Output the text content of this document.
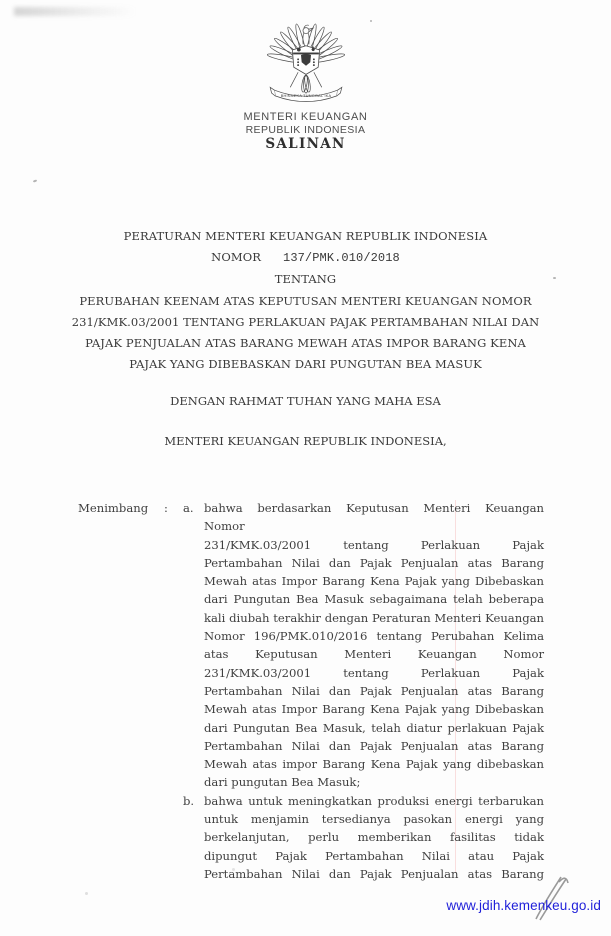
BHINNEKA TUNGGAL IKA
MENTERI KEUANGAN
REPUBLIK INDONESIA
SALINAN
PERATURAN MENTERI KEUANGAN REPUBLIK INDONESIA
NOMOR 137/PMK.010/2018
TENTANG
PERUBAHAN KEENAM ATAS KEPUTUSAN MENTERI KEUANGAN NOMOR
231/KMK.03/2001 TENTANG PERLAKUAN PAJAK PERTAMBAHAN NILAI DAN
PAJAK PENJUALAN ATAS BARANG MEWAH ATAS IMPOR BARANG KENA
PAJAK YANG DIBEBASKAN DARI PUNGUTAN BEA MASUK
DENGAN RAHMAT TUHAN YANG MAHA ESA
MENTERI KEUANGAN REPUBLIK INDONESIA,
Menimbang : a. bahwa berdasarkan Keputusan Menteri Keuangan Nomor
231/KMK.03/2001 tentang Perlakuan Pajak
Pertambahan Nilai dan Pajak Penjualan atas Barang
Mewah atas Impor Barang Kena Pajak yang Dibebaskan
dari Pungutan Bea Masuk sebagaimana telah beberapa
kali diubah terakhir dengan Peraturan Menteri Keuangan
Nomor 196/PMK.010/2016 tentang Perubahan Kelima
atas Keputusan Menteri Keuangan Nomor
231/KMK.03/2001 tentang Perlakuan Pajak
Pertambahan Nilai dan Pajak Penjualan atas Barang
Mewah atas Impor Barang Kena Pajak yang Dibebaskan
dari Pungutan Bea Masuk, telah diatur perlakuan Pajak
Pertambahan Nilai dan Pajak Penjualan atas Barang
Mewah atas impor Barang Kena Pajak yang dibebaskan
dari pungutan Bea Masuk;
b. bahwa untuk meningkatkan produksi energi terbarukan
untuk menjamin tersedianya pasokan energi yang
berkelanjutan, perlu memberikan fasilitas tidak
dipungut Pajak Pertambahan Nilai atau Pajak
Pertambahan Nilai dan Pajak Penjualan atas Barang
www.jdih.kemenkeu.go.id
